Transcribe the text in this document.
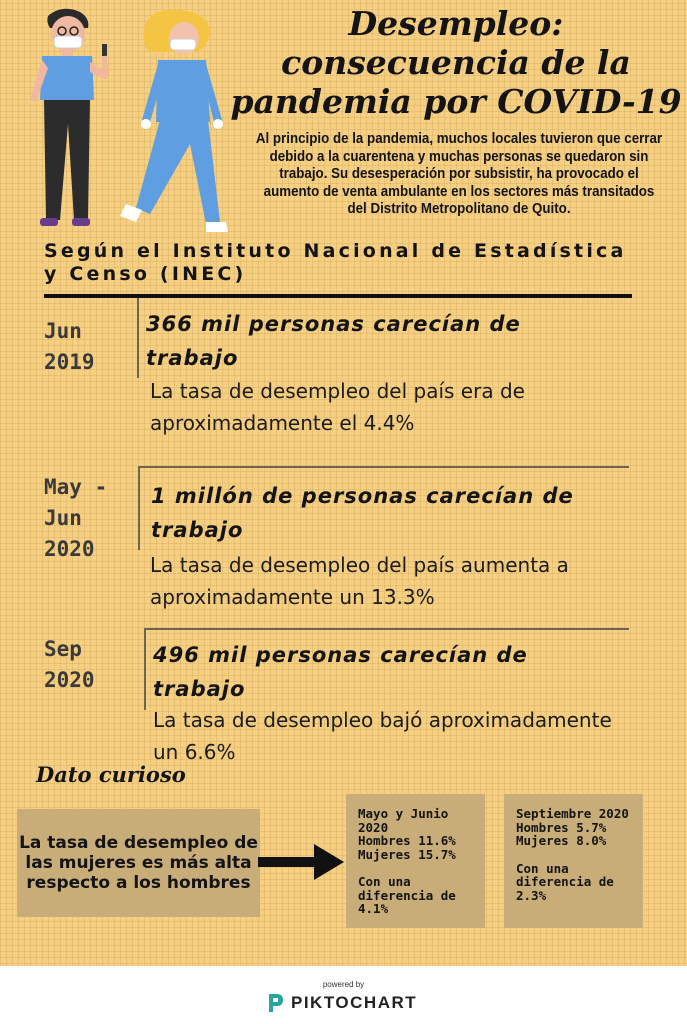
Desempleo: consecuencia de la pandemia por COVID-19

Al principio de la pandemia, muchos locales tuvieron que cerrar debido a la cuarentena y muchas personas se quedaron sin trabajo. Su desesperación por subsistir, ha provocado el aumento de venta ambulante en los sectores más transitados del Distrito Metropolitano de Quito.

Según el Instituto Nacional de Estadística y Censo (INEC)

Jun 2019

366 mil personas carecían de trabajo

La tasa de desempleo del país era de aproximadamente el 4.4%

May - Jun 2020

1 millón de personas carecían de trabajo

La tasa de desempleo del país aumenta a aproximadamente un 13.3%

Sep 2020

496 mil personas carecían de trabajo

La tasa de desempleo bajó aproximadamente un 6.6%

Dato curioso

La tasa de desempleo de las mujeres es más alta respecto a los hombres

Mayo y Junio 2020
Hombres 11.6%
Mujeres 15.7%
Con una diferencia de 4.1%
Septiembre 2020
Hombres 5.7%
Mujeres 8.0%
Con una diferencia de 2.3%

powered by

PIKTOCHART
